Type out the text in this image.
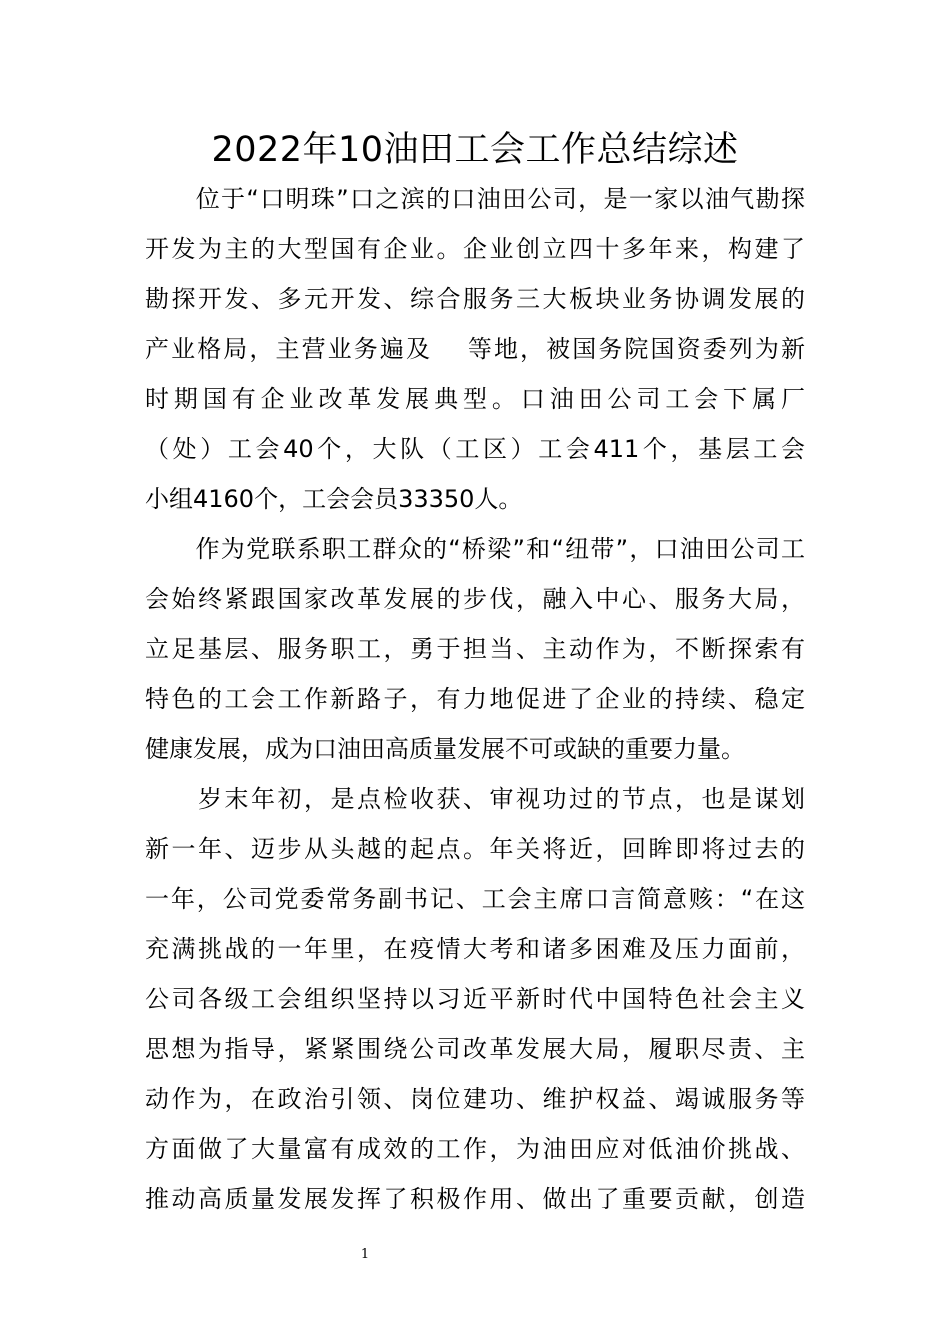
2022年10油田工会工作总结综述
　　位于“口明珠”口之滨的口油田公司，是一家以油气勘探
开发为主的大型国有企业。企业创立四十多年来，构建了
勘探开发、多元开发、综合服务三大板块业务协调发展的
产业格局，主营业务遍及　 等地，被国务院国资委列为新
时期国有企业改革发展典型。口油田公司工会下属厂
（处）工会40个，大队（工区）工会411个，基层工会
小组4160个，工会会员33350人。
　　作为党联系职工群众的“桥梁”和“纽带”，口油田公司工
会始终紧跟国家改革发展的步伐，融入中心、服务大局，
立足基层、服务职工，勇于担当、主动作为，不断探索有
特色的工会工作新路子，有力地促进了企业的持续、稳定
健康发展，成为口油田高质量发展不可或缺的重要力量。
　　岁末年初，是点检收获、审视功过的节点，也是谋划
新一年、迈步从头越的起点。年关将近，回眸即将过去的
一年，公司党委常务副书记、工会主席口言简意赅：“在这
充满挑战的一年里，在疫情大考和诸多困难及压力面前，
公司各级工会组织坚持以习近平新时代中国特色社会主义
思想为指导，紧紧围绕公司改革发展大局，履职尽责、主
动作为，在政治引领、岗位建功、维护权益、竭诚服务等
方面做了大量富有成效的工作，为油田应对低油价挑战、
推动高质量发展发挥了积极作用、做出了重要贡献，创造
1
